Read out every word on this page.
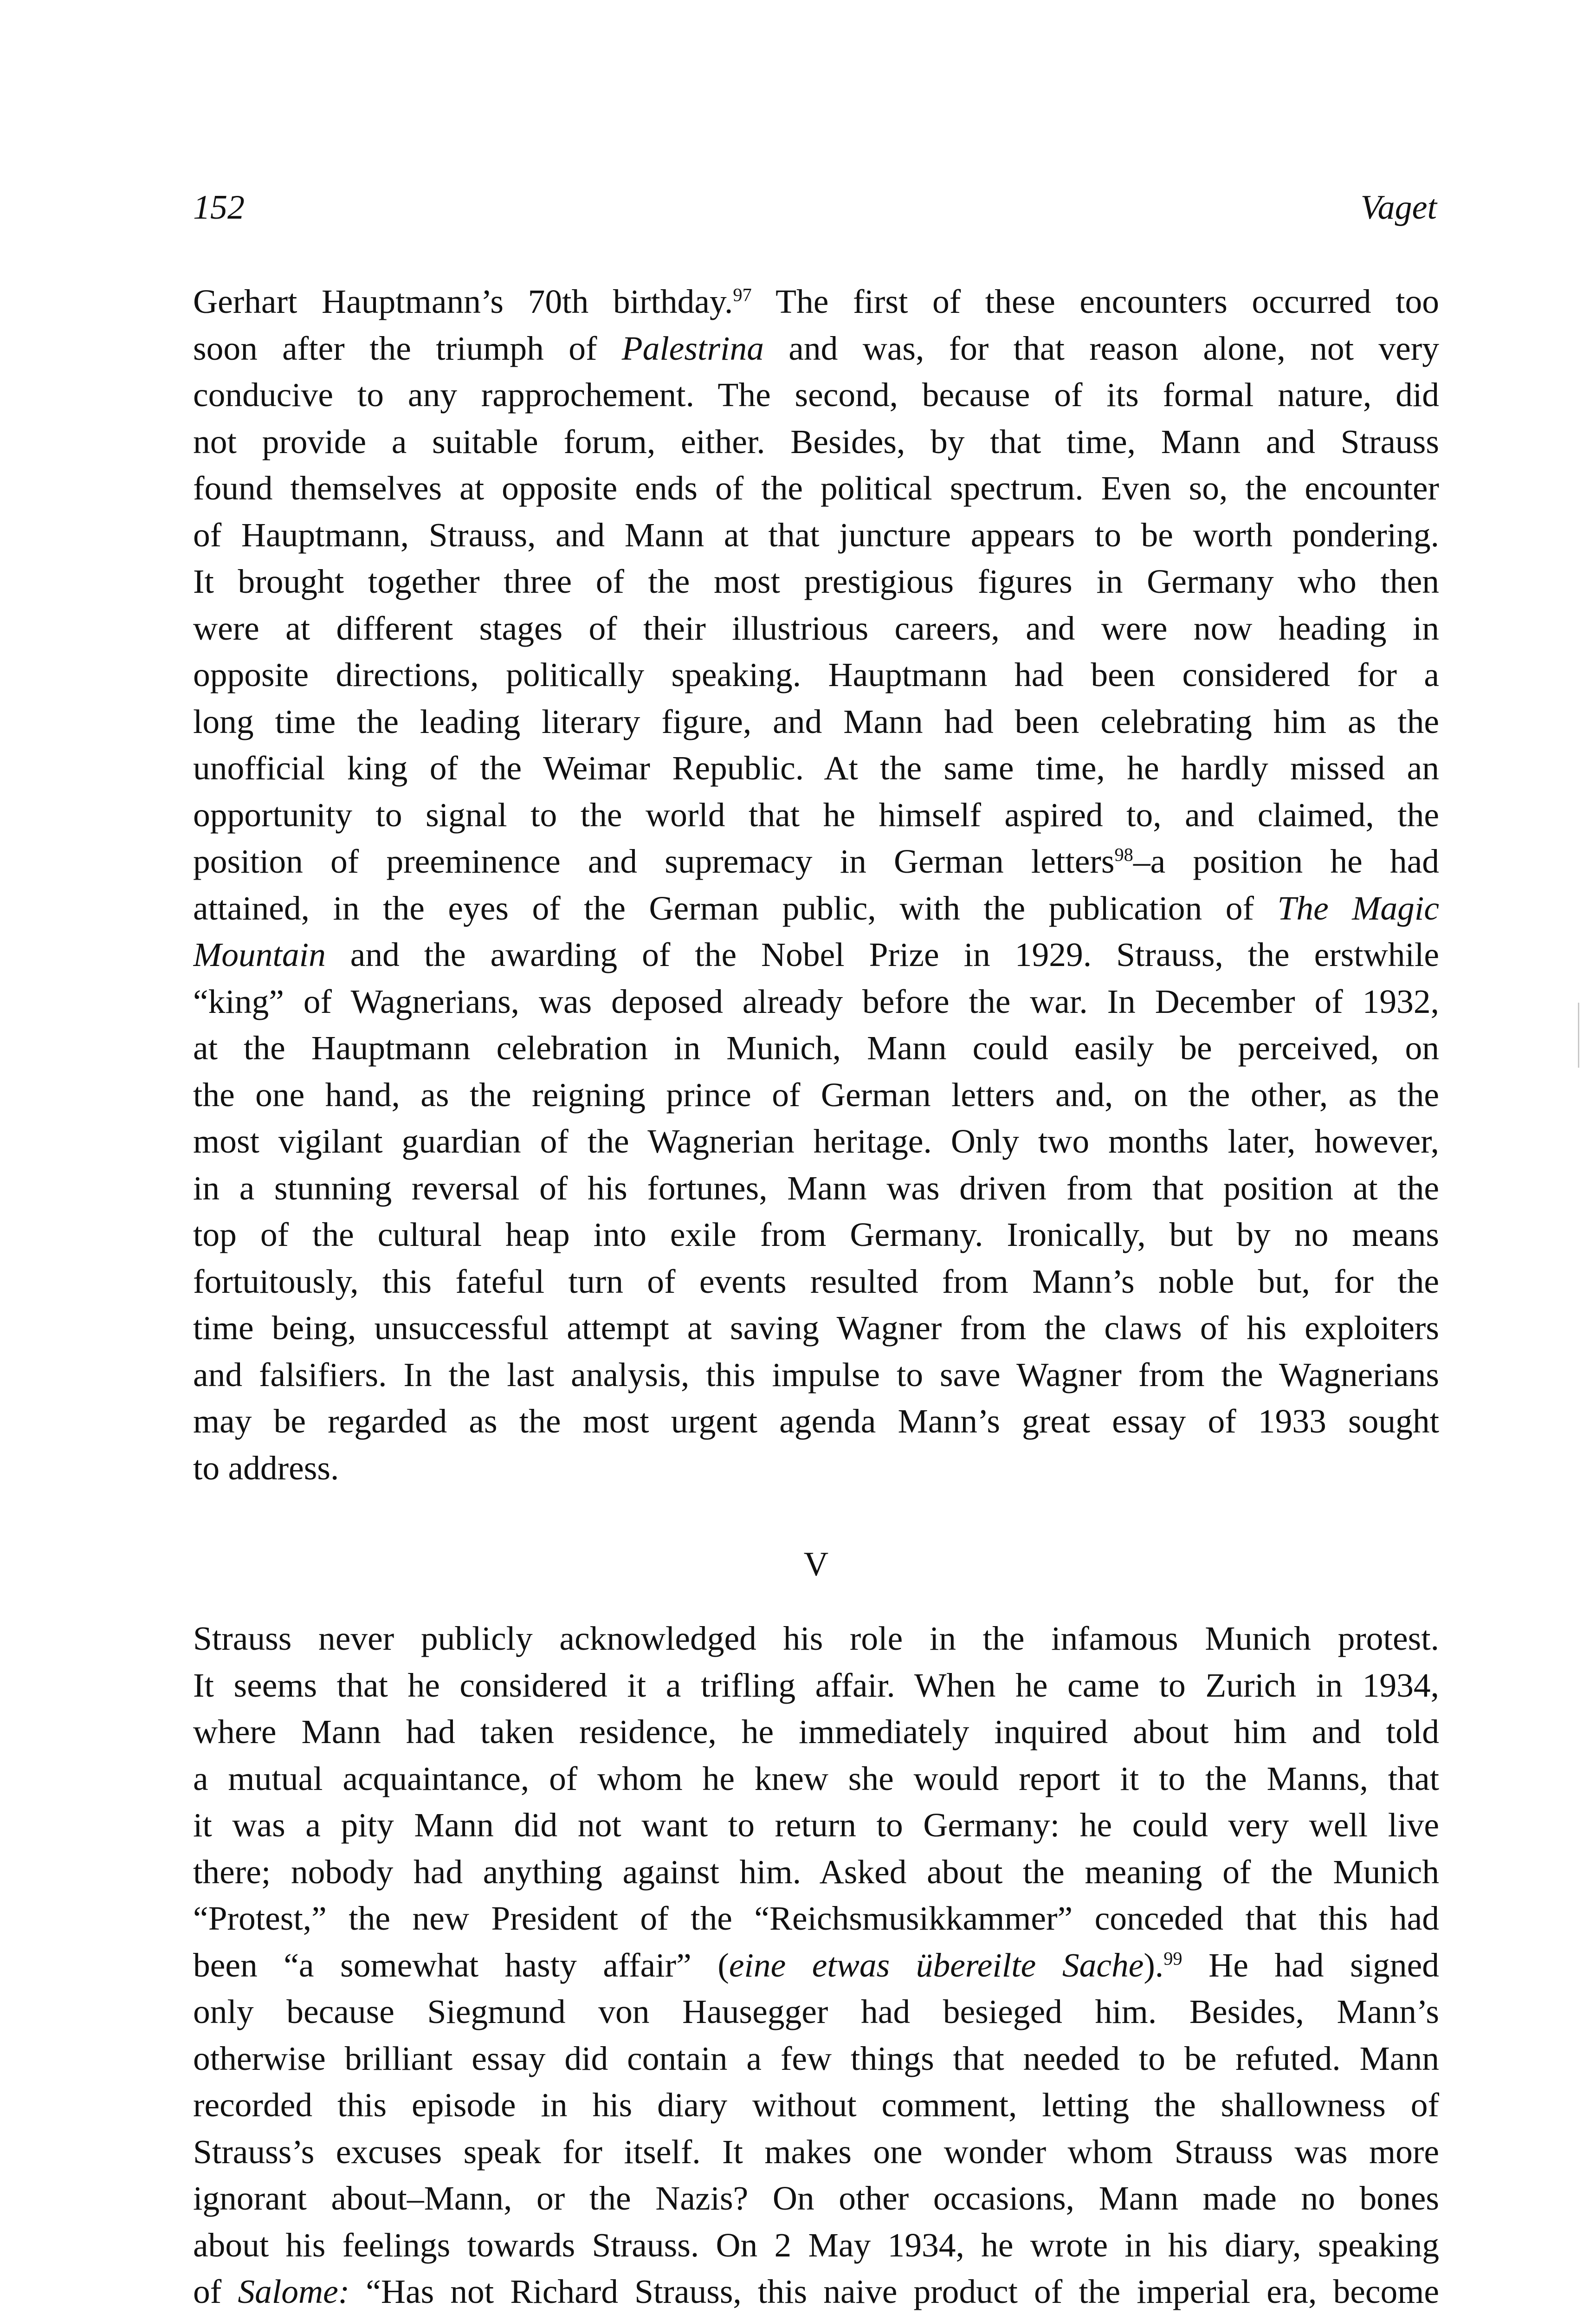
152	Vaget
Gerhart Hauptmann’s 70th birthday.$^{97}$ The first of these encounters occurred too
soon after the triumph of Palestrina and was, for that reason alone, not very
conducive to any rapprochement. The second, because of its formal nature, did
not provide a suitable forum, either. Besides, by that time, Mann and Strauss
found themselves at opposite ends of the political spectrum. Even so, the encounter
of Hauptmann, Strauss, and Mann at that juncture appears to be worth pondering.
It brought together three of the most prestigious figures in Germany who then
were at different stages of their illustrious careers, and were now heading in
opposite directions, politically speaking. Hauptmann had been considered for a
long time the leading literary figure, and Mann had been celebrating him as the
unofficial king of the Weimar Republic. At the same time, he hardly missed an
opportunity to signal to the world that he himself aspired to, and claimed, the
position of preeminence and supremacy in German letters$^{98}$–a position he had
attained, in the eyes of the German public, with the publication of The Magic
Mountain and the awarding of the Nobel Prize in 1929. Strauss, the erstwhile
“king” of Wagnerians, was deposed already before the war. In December of 1932,
at the Hauptmann celebration in Munich, Mann could easily be perceived, on
the one hand, as the reigning prince of German letters and, on the other, as the
most vigilant guardian of the Wagnerian heritage. Only two months later, however,
in a stunning reversal of his fortunes, Mann was driven from that position at the
top of the cultural heap into exile from Germany. Ironically, but by no means
fortuitously, this fateful turn of events resulted from Mann’s noble but, for the
time being, unsuccessful attempt at saving Wagner from the claws of his exploiters
and falsifiers. In the last analysis, this impulse to save Wagner from the Wagnerians
may be regarded as the most urgent agenda Mann’s great essay of 1933 sought
to address.
V
Strauss never publicly acknowledged his role in the infamous Munich protest.
It seems that he considered it a trifling affair. When he came to Zurich in 1934,
where Mann had taken residence, he immediately inquired about him and told
a mutual acquaintance, of whom he knew she would report it to the Manns, that
it was a pity Mann did not want to return to Germany: he could very well live
there; nobody had anything against him. Asked about the meaning of the Munich
“Protest,” the new President of the “Reichsmusikkammer” conceded that this had
been “a somewhat hasty affair” (eine etwas übereilte Sache).$^{99}$ He had signed
only because Siegmund von Hausegger had besieged him. Besides, Mann’s
otherwise brilliant essay did contain a few things that needed to be refuted. Mann
recorded this episode in his diary without comment, letting the shallowness of
Strauss’s excuses speak for itself. It makes one wonder whom Strauss was more
ignorant about–Mann, or the Nazis? On other occasions, Mann made no bones
about his feelings towards Strauss. On 2 May 1934, he wrote in his diary, speaking
of Salome: “Has not Richard Strauss, this naive product of the imperial era, become
